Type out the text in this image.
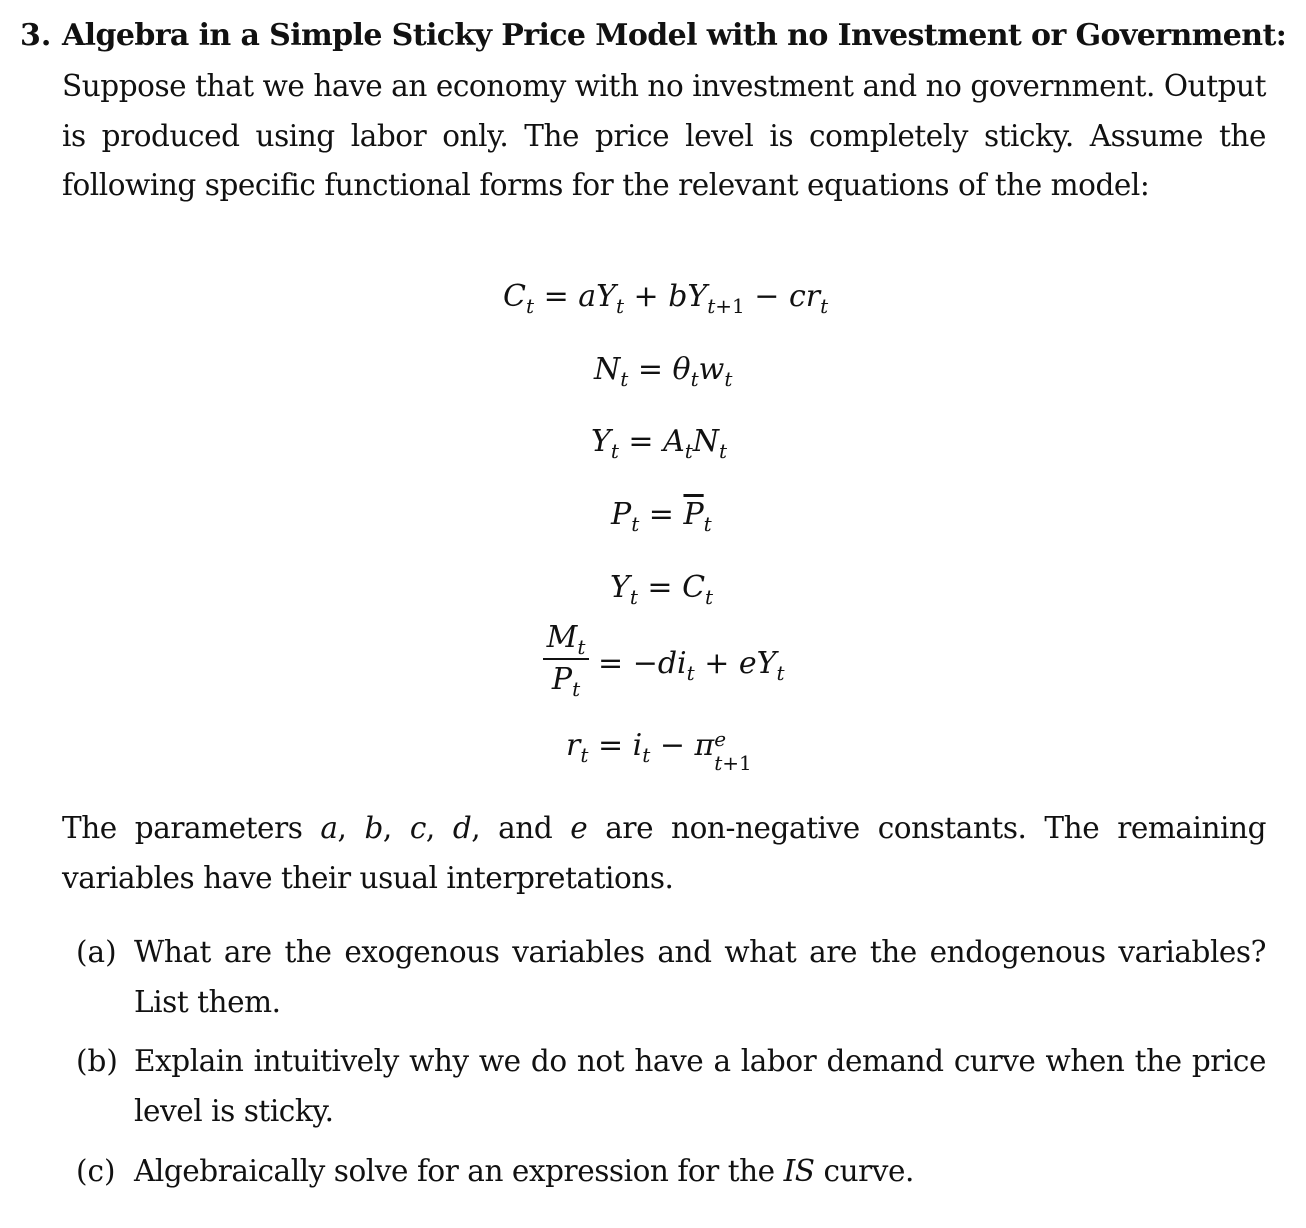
3. Algebra in a Simple Sticky Price Model with no Investment or Government:
Suppose that we have an economy with no investment and no government. Output is produced using labor only. The price level is completely sticky. Assume the following specific functional forms for the relevant equations of the model:
$C_t = aY_t + bY_{t+1} - cr_t$
$N_t = \theta_tw_t$
$Y_t = A_tN_t$
$P_t = \overline{P}_t$
$Y_t = C_t$
$M_t$
$P_t$
= $-di_t + eY_t$
$r_t = i_t - \pi$ e
t+1
The parameters a, b, c, d, and e are non-negative constants. The remaining variables have their usual interpretations.
(a) What are the exogenous variables and what are the endogenous variables? List them.
(b) Explain intuitively why we do not have a labor demand curve when the price level is sticky.
(c) Algebraically solve for an expression for the IS curve.
